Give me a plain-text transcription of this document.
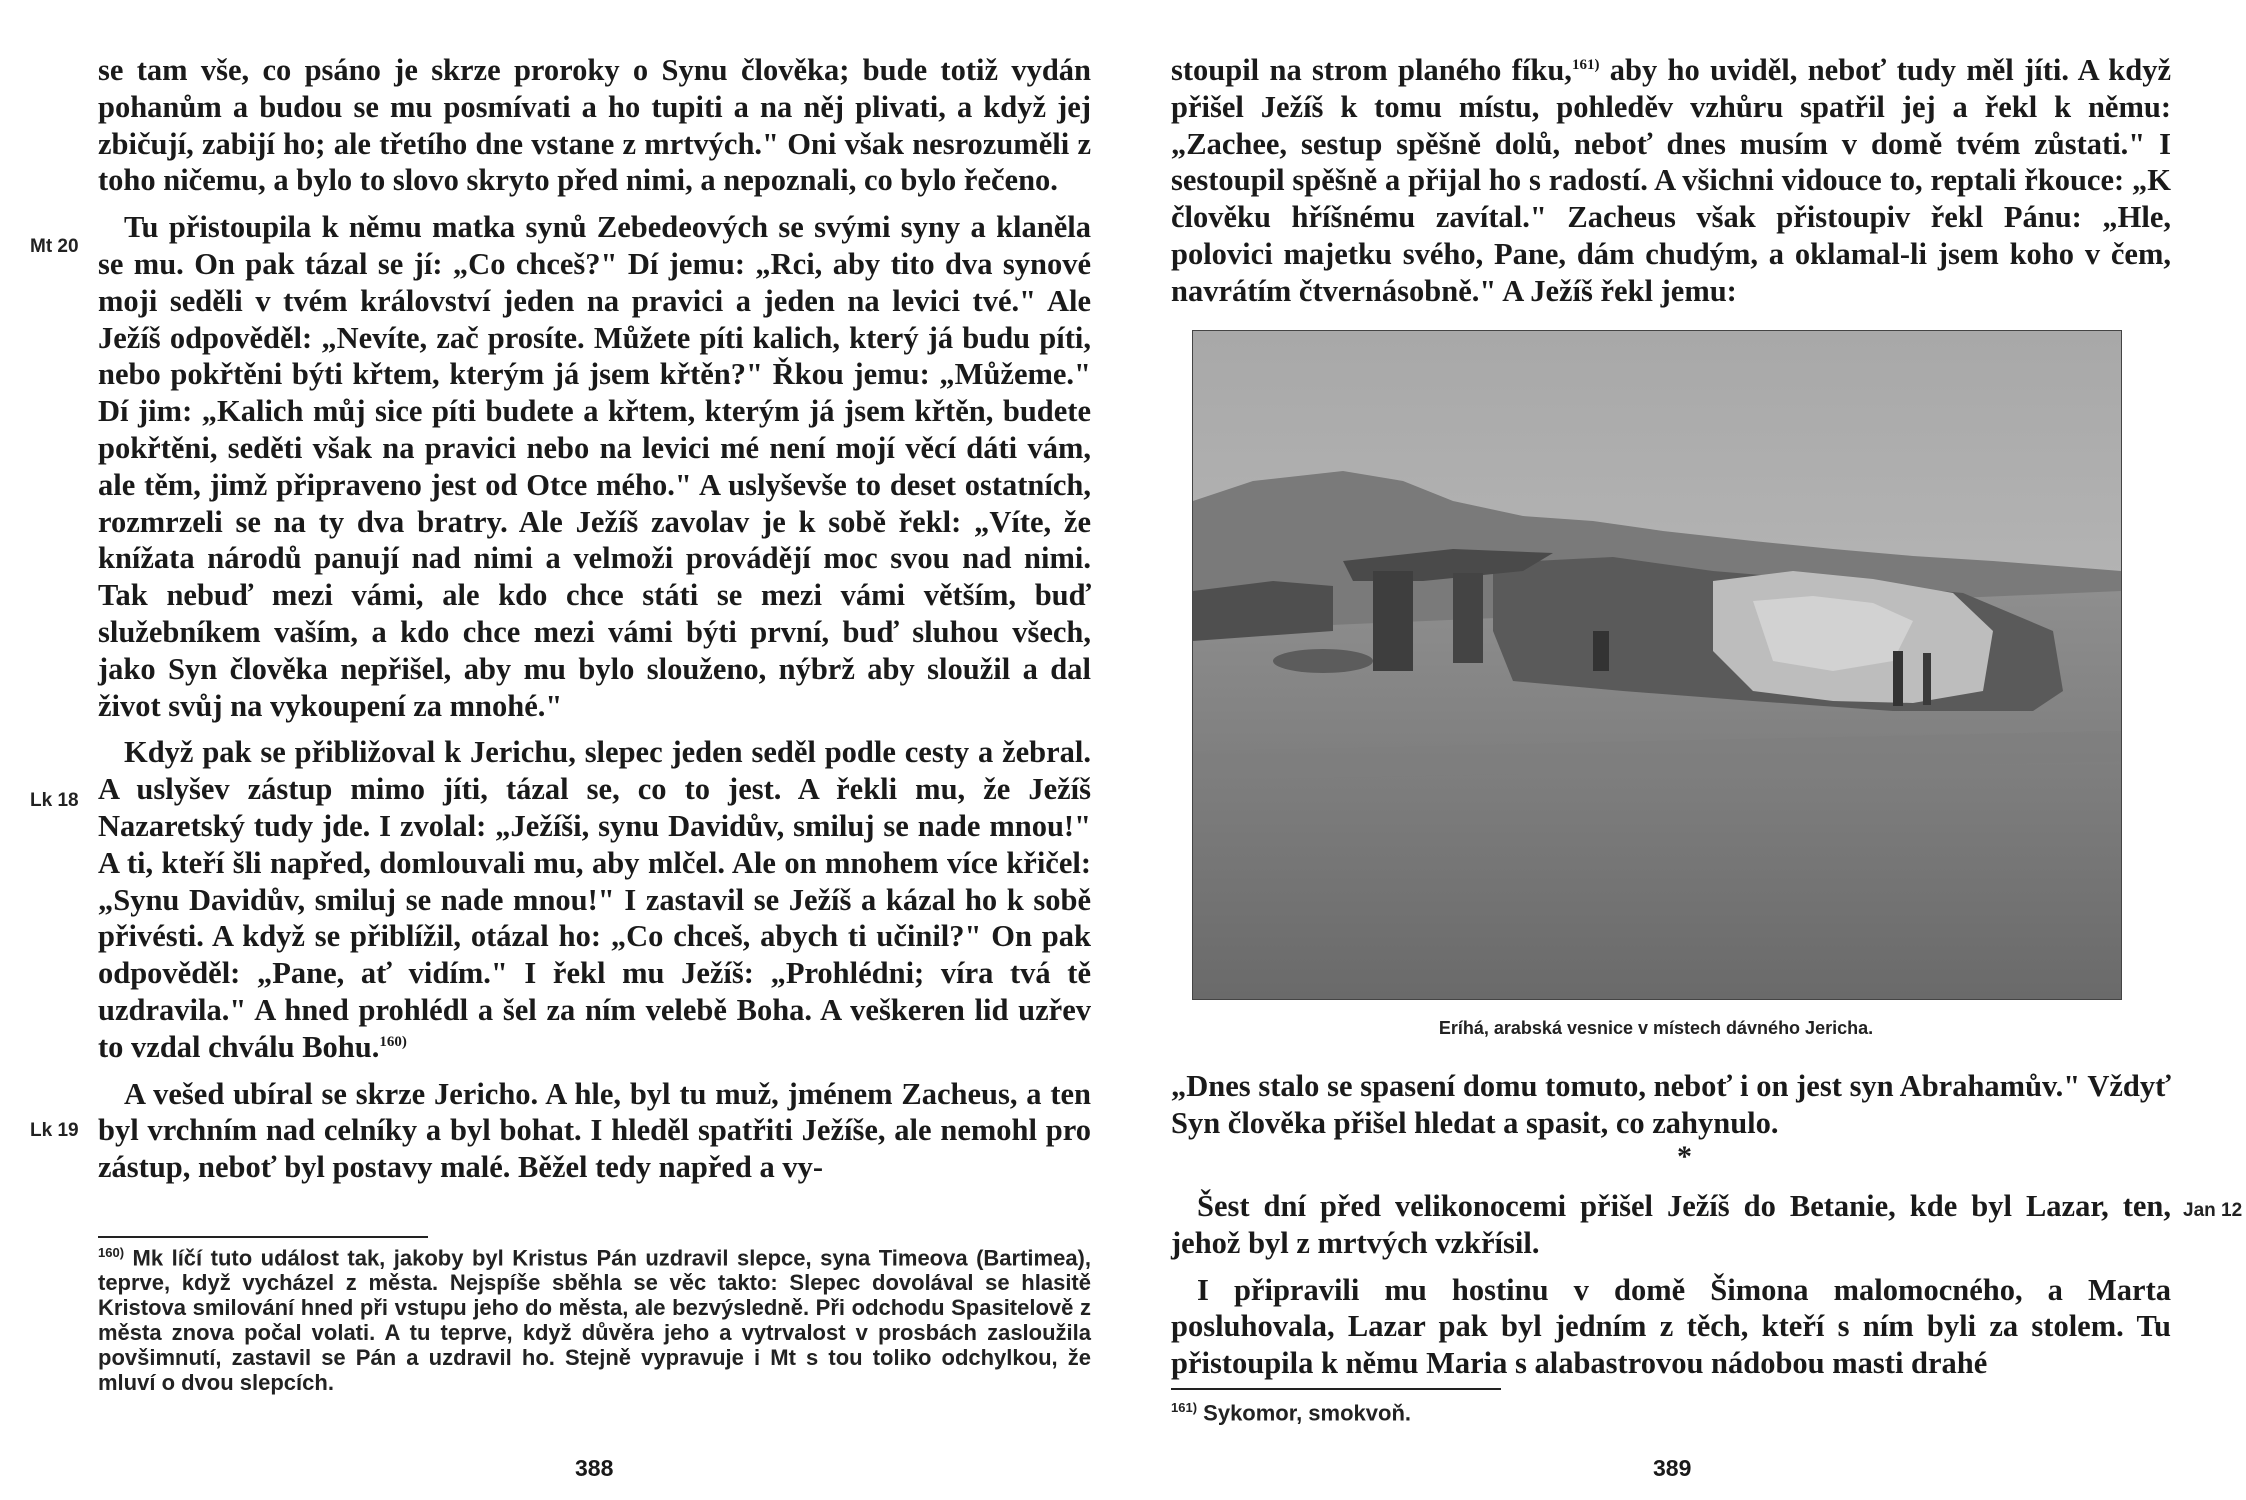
se tam vše, co psáno je skrze proroky o Synu člověka; bude totiž vydán pohanům a budou se mu posmívati a ho tupiti a na něj plivati, a když jej zbičují, zabijí ho; ale třetího dne vstane z mrtvých." Oni však nesrozuměli z toho ničemu, a bylo to slovo skryto před nimi, a nepoznali, co bylo řečeno.

Tu přistoupila k němu matka synů Zebedeových se svými syny a klaněla se mu. On pak tázal se jí: „Co chceš?" Dí jemu: „Rci, aby tito dva synové moji seděli v tvém království jeden na pravici a jeden na levici tvé." Ale Ježíš odpověděl: „Nevíte, zač prosíte. Můžete píti kalich, který já budu píti, nebo pokřtěni býti křtem, kterým já jsem křtěn?" Řkou jemu: „Můžeme." Dí jim: „Kalich můj sice píti budete a křtem, kterým já jsem křtěn, budete pokřtěni, seděti však na pravici nebo na levici mé není mojí věcí dáti vám, ale těm, jimž připraveno jest od Otce mého." A uslyševše to deset ostatních, rozmrzeli se na ty dva bratry. Ale Ježíš zavolav je k sobě řekl: „Víte, že knížata národů panují nad nimi a velmoži provádějí moc svou nad nimi. Tak nebuď mezi vámi, ale kdo chce státi se mezi vámi větším, buď služebníkem vaším, a kdo chce mezi vámi býti první, buď sluhou všech, jako Syn člověka nepřišel, aby mu bylo slouženo, nýbrž aby sloužil a dal život svůj na vykoupení za mnohé."

Když pak se přibližoval k Jerichu, slepec jeden seděl podle cesty a žebral. A uslyšev zástup mimo jíti, tázal se, co to jest. A řekli mu, že Ježíš Nazaretský tudy jde. I zvolal: „Ježíši, synu Davidův, smiluj se nade mnou!" A ti, kteří šli napřed, domlouvali mu, aby mlčel. Ale on mnohem více křičel: „Synu Davidův, smiluj se nade mnou!" I zastavil se Ježíš a kázal ho k sobě přivésti. A když se přiblížil, otázal ho: „Co chceš, abych ti učinil?" On pak odpověděl: „Pane, ať vidím." I řekl mu Ježíš: „Prohlédni; víra tvá tě uzdravila." A hned prohlédl a šel za ním velebě Boha. A veškeren lid uzřev to vzdal chválu Bohu.$^{160)}$

A vešed ubíral se skrze Jericho. A hle, byl tu muž, jménem Zacheus, a ten byl vrchním nad celníky a byl bohat. I hleděl spatřiti Ježíše, ale nemohl pro zástup, neboť byl postavy malé. Běžel tedy napřed a vy-

Mt 20
Lk 18
Lk 19
$^{160)}$ Mk líčí tuto událost tak, jakoby byl Kristus Pán uzdravil slepce, syna Timeova (Bartimea), teprve, když vycházel z města. Nejspíše sběhla se věc takto: Slepec dovolával se hlasitě Kristova smilování hned při vstupu jeho do města, ale bezvýsledně. Při odchodu Spasitelově z města znova počal volati. A tu teprve, když důvěra jeho a vytrvalost v prosbách zasloužila povšimnutí, zastavil se Pán a uzdravil ho. Stejně vypravuje i Mt s tou toliko odchylkou, že mluví o dvou slepcích.
388

stoupil na strom planého fíku,$^{161)}$ aby ho uviděl, neboť tudy měl jíti. A když přišel Ježíš k tomu místu, pohleděv vzhůru spatřil jej a řekl k němu: „Zachee, sestup spěšně dolů, neboť dnes musím v domě tvém zůstati." I sestoupil spěšně a přijal ho s radostí. A všichni vidouce to, reptali řkouce: „K člověku hříšnému zavítal." Zacheus však přistoupiv řekl Pánu: „Hle, polovici majetku svého, Pane, dám chudým, a oklamal-li jsem koho v čem, navrátím čtvernásobně." A Ježíš řekl jemu:

Eríhá, arabská vesnice v místech dávného Jericha.

„Dnes stalo se spasení domu tomuto, neboť i on jest syn Abrahamův." Vždyť Syn člověka přišel hledat a spasit, co zahynulo.

*

Šest dní před velikonocemi přišel Ježíš do Betanie, kde byl Lazar, ten, jehož byl z mrtvých vzkřísil.

I připravili mu hostinu v domě Šimona malomocného, a Marta posluhovala, Lazar pak byl jedním z těch, kteří s ním byli za stolem. Tu přistoupila k němu Maria s alabastrovou nádobou masti drahé

Jan 12
$^{161)}$ Sykomor, smokvoň.
389
